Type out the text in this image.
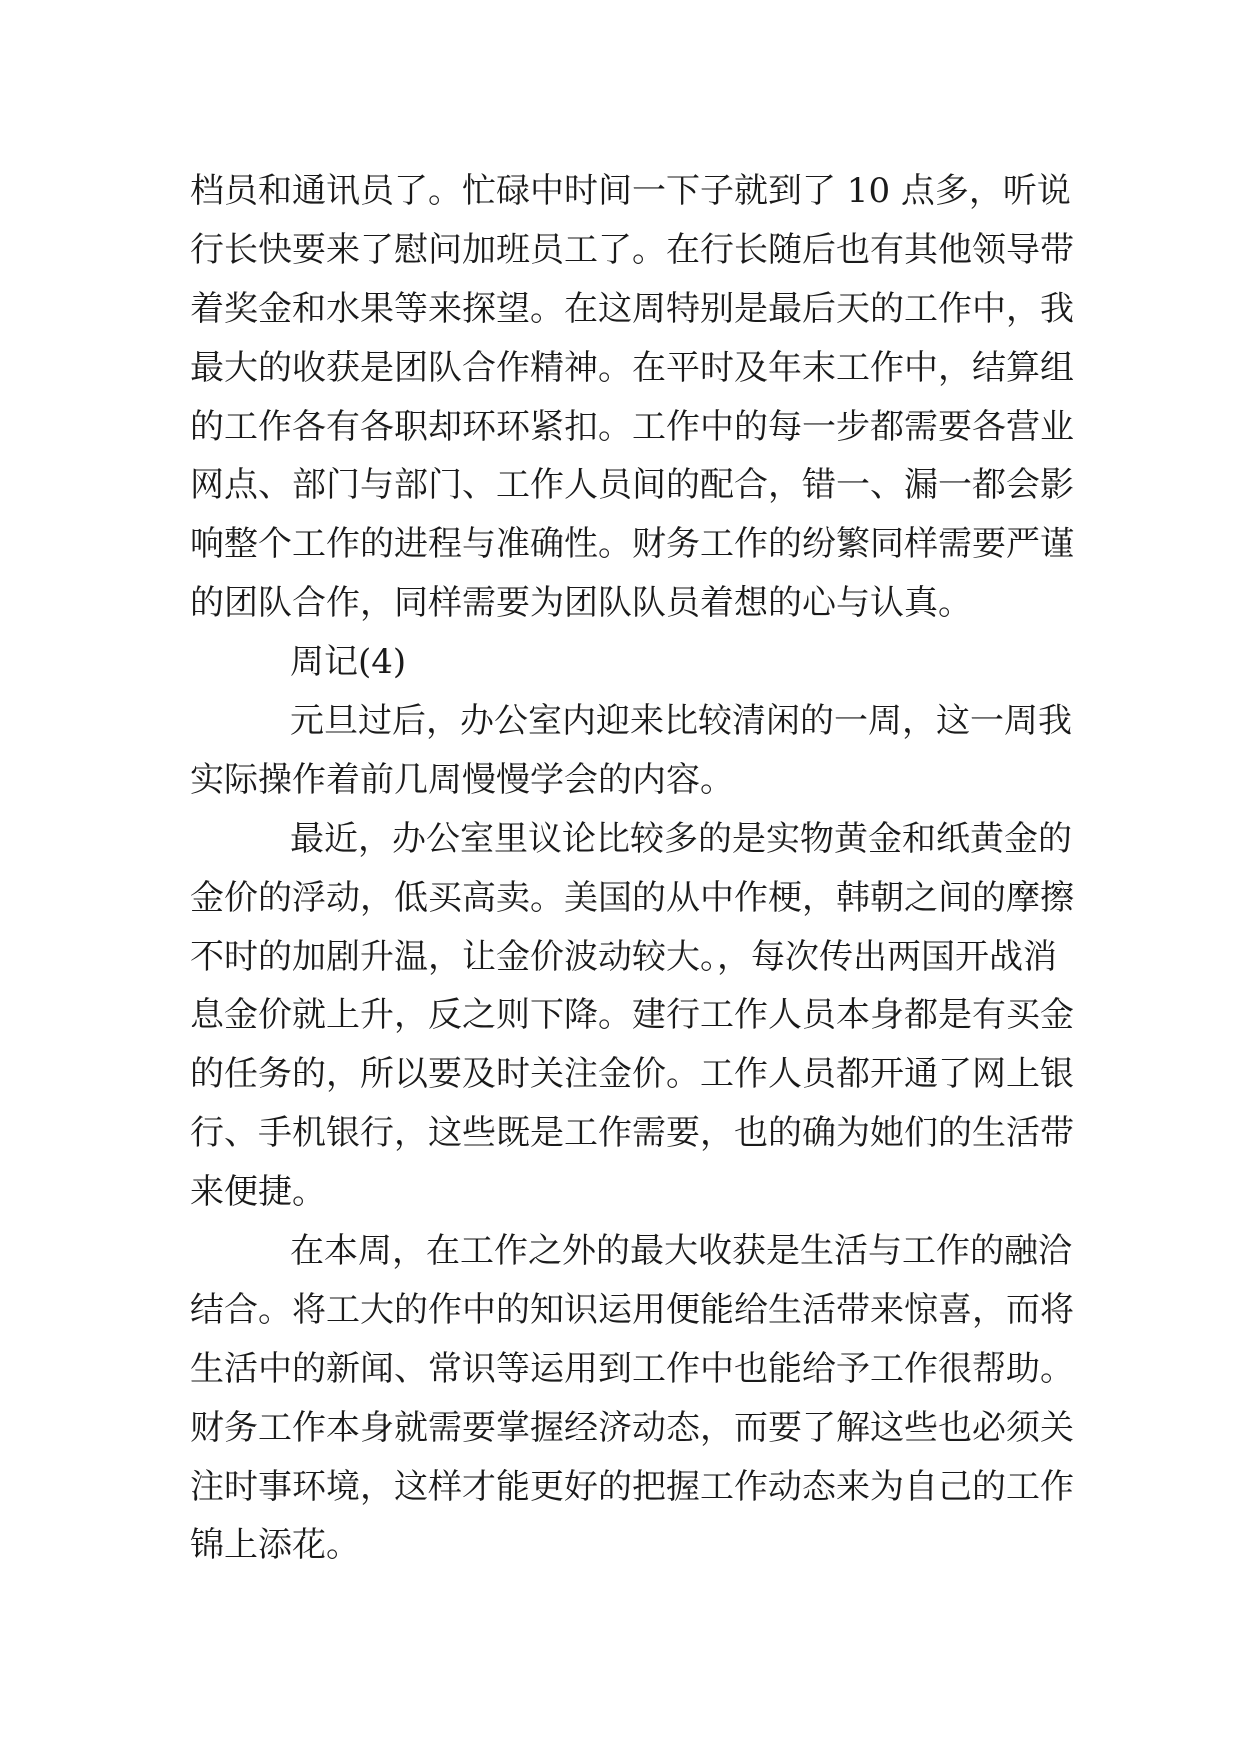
档员和通讯员了。忙碌中时间一下子就到了 10 点多，听说
行长快要来了慰问加班员工了。在行长随后也有其他领导带
着奖金和水果等来探望。在这周特别是最后天的工作中，我
最大的收获是团队合作精神。在平时及年末工作中，结算组
的工作各有各职却环环紧扣。工作中的每一步都需要各营业
网点、部门与部门、工作人员间的配合，错一、漏一都会影
响整个工作的进程与准确性。财务工作的纷繁同样需要严谨
的团队合作，同样需要为团队队员着想的心与认真。
周记(4)
元旦过后，办公室内迎来比较清闲的一周，这一周我
实际操作着前几周慢慢学会的内容。
最近，办公室里议论比较多的是实物黄金和纸黄金的
金价的浮动，低买高卖。美国的从中作梗，韩朝之间的摩擦
不时的加剧升温，让金价波动较大。，每次传出两国开战消
息金价就上升，反之则下降。建行工作人员本身都是有买金
的任务的，所以要及时关注金价。工作人员都开通了网上银
行、手机银行，这些既是工作需要，也的确为她们的生活带
来便捷。
在本周，在工作之外的最大收获是生活与工作的融洽
结合。将工大的作中的知识运用便能给生活带来惊喜，而将
生活中的新闻、常识等运用到工作中也能给予工作很帮助。
财务工作本身就需要掌握经济动态，而要了解这些也必须关
注时事环境，这样才能更好的把握工作动态来为自己的工作
锦上添花。
